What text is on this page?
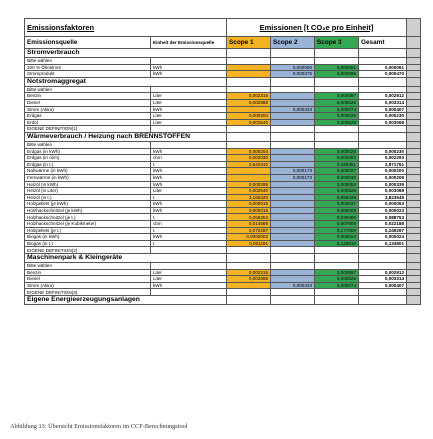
Emissionsfaktoren		Emissionen [t CO₂e pro Einheit]				
Emissionsquelle	Einheit der Emissionsquelle	Scope 1	Scope 2	Scope 3	Gesamt	
Stromverbrauch						
Bitte wählen						
100 % Ökostrom	kWh		0,000000	0,000061	0,000061	
Stromprodukt	kWh		0,000375	0,000095	0,000470	
Notstromaggregat						
Bitte wählen						
Benzin	Liter	0,002315		0,000597	0,002912	
Diesel	Liter	0,002688		0,000626	0,003314	
Strom (Akku)	kWh		0,000333	0,000074	0,000407	
Erdgas	Liter	0,000204		0,000026	0,000230	
Erdöl	Liter	0,002540		0,000528	0,003068	
EIGENE DEFINITION(1)						
Wärmeverbrauch / Heizung nach BRENNSTOFFEN						
Bitte wählen						
Erdgas (in kWh)	kWh	0,000204		0,000026	0,000230	
Erdgas (in cbm)	cbm	0,002030		0,000263	0,002293	
Erdgas (in t.)	t.	2,542410		0,329351	2,871761	
Nahwärme (in kWh)	kWh		0,000173	0,000027	0,000200	
Fernwärme (in kWh)	kWh		0,000173	0,000035	0,000208	
Heizöl (in kWh)	kWh	0,000285		0,000054	0,000339	
Heizöl (in Liter)	Liter	0,002540		0,000528	0,003068	
Heizöl (in t.)	t.	3,165320		0,658328	3,823648	
Holzpellets (je kWh)	kWh	0,000015		0,000037	0,000053	
Holzhackschnitzel (je kWh)	kWh	0,000015		0,000008	0,000023	
Holzhackschnitzel (je t.)	t.	0,058353		0,030400	0,088753	
Holzhackschnitzel (je Kubikmeter)	cbm	0,014588		0,007600	0,022188	
Holzpellets (je t.)	t.	0,072297		0,177000	0,249297	
Biogas (in kWh)	kWh	0,0000002		0,000024	0,000024	
Biogas (in t.)	t.	0,001191		0,133610	0,134801	
EIGENE DEFINITION(2)						
Maschinenpark & Kleingeräte						
Bitte wählen						
Benzin	Liter	0,002315		0,000597	0,002912	
Diesel	Liter	0,002688		0,000626	0,003314	
Strom (Akku)	kWh		0,000333	0,000074	0,000407	
EIGENE DEFINITION(3)						
Eigene Energieerzeugungsanlagen						
Abbildung 13: Übersicht Emissionsfaktoren im CCF-Berechnungstool
